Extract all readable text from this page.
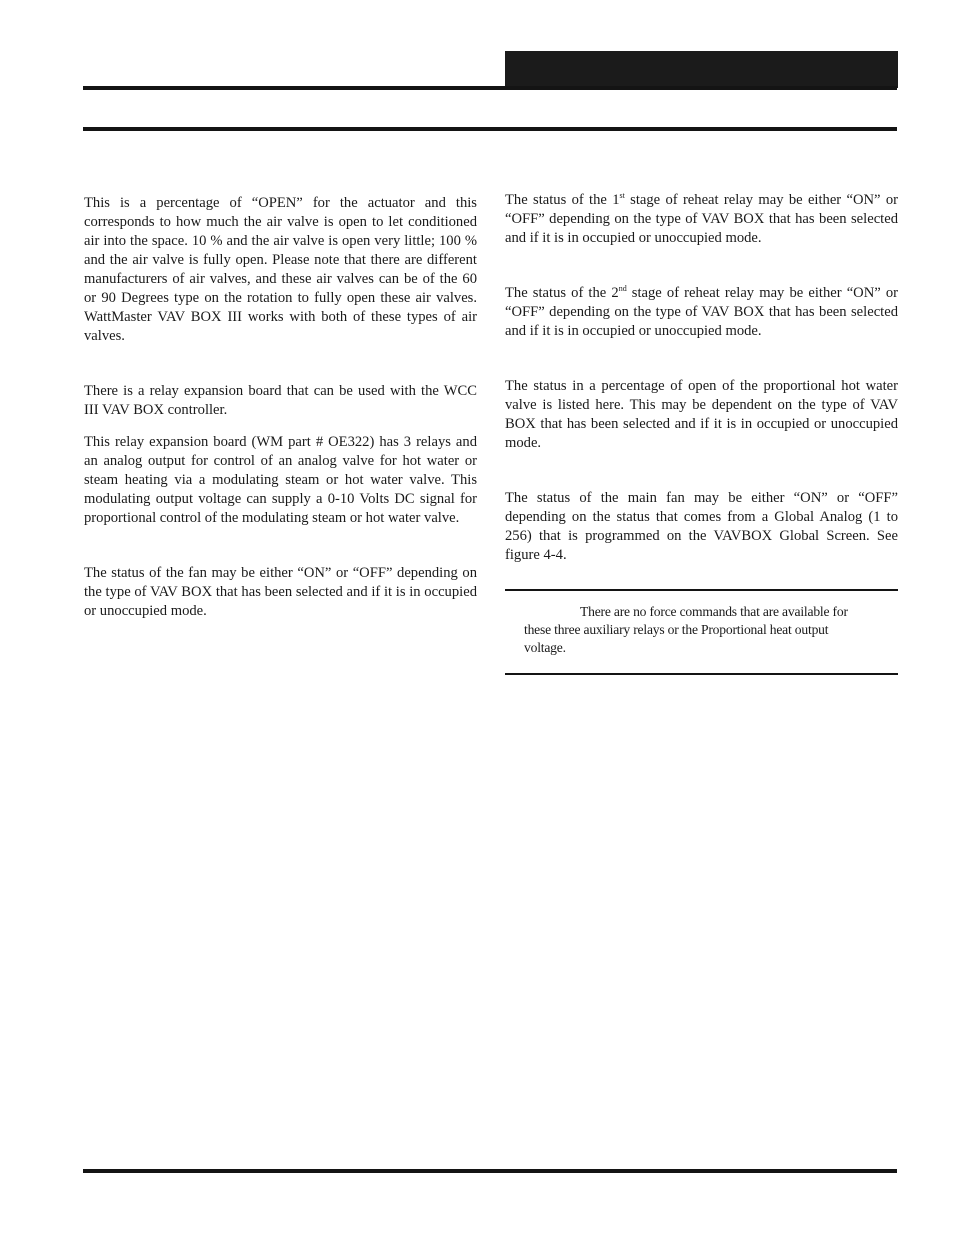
This is a percentage of “OPEN” for the actuator and this corresponds to how much the air valve is open to let conditioned air into the space. 10 % and the air valve is open very little; 100 % and the air valve is fully open. Please note that there are different manufacturers of air valves, and these air valves can be of the 60 or 90 Degrees type on the rotation to fully open these air valves. WattMaster VAV BOX III works with both of these types of air valves.

There is a relay expansion board that can be used with the WCC III VAV BOX controller.

This relay expansion board (WM part # OE322) has 3 relays and an analog output for control of an analog valve for hot water or steam heating via a modulating steam or hot water valve. This modulating output voltage can supply a 0-10 Volts DC signal for proportional control of the modulating steam or hot water valve.

The status of the fan may be either “ON” or “OFF” depending on the type of VAV BOX that has been selected and if it is in occupied or unoccupied mode.

The status of the 1st stage of reheat relay may be either “ON” or “OFF” depending on the type of VAV BOX that has been selected and if it is in occupied or unoccupied mode.

The status of the 2nd stage of reheat relay may be either “ON” or “OFF” depending on the type of VAV BOX that has been selected and if it is in occupied or unoccupied mode.

The status in a percentage of open of the proportional hot water valve is listed here. This may be dependent on the type of VAV BOX that has been selected and if it is in occupied or unoccupied mode.

The status of the main fan may be either “ON” or “OFF” depending on the status that comes from a Global Analog (1 to 256) that is programmed on the VAVBOX Global Screen. See figure 4-4.

There are no force commands that are available for these three auxiliary relays or the Proportional heat output voltage.
